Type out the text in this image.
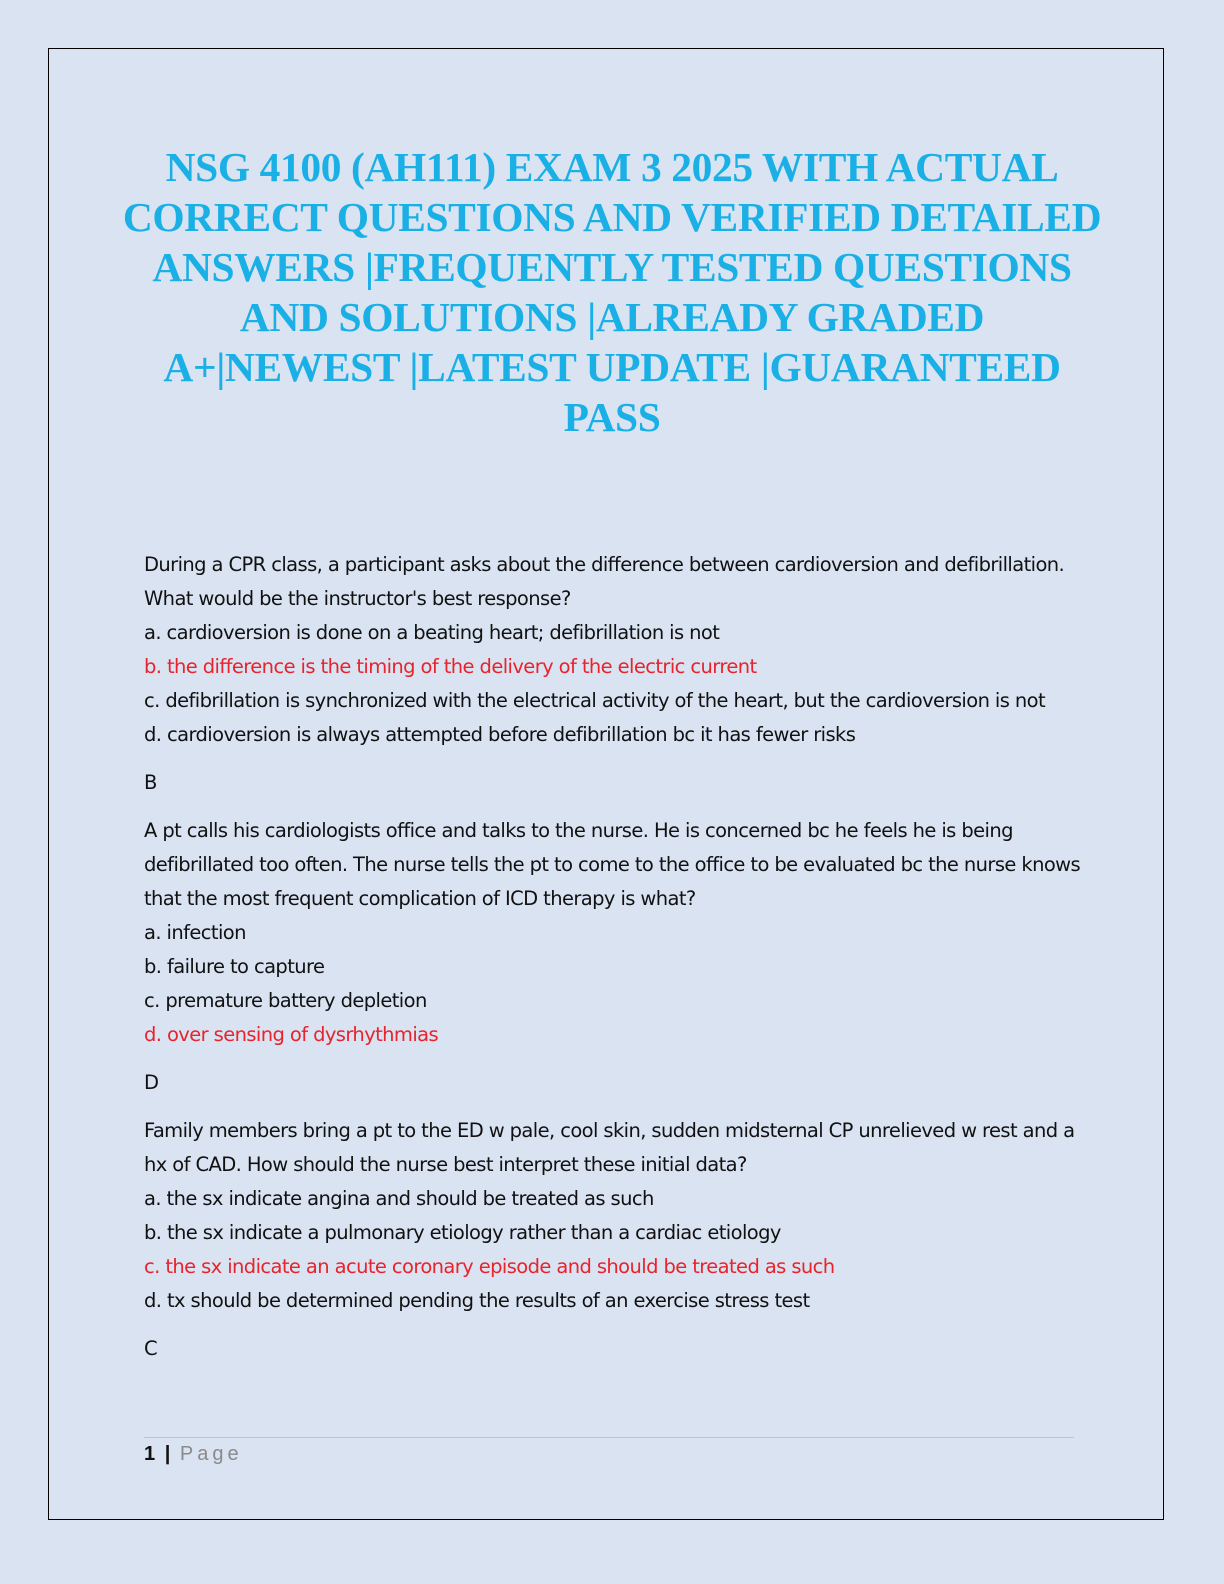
NSG 4100 (AH111) EXAM 3 2025 WITH ACTUAL CORRECT QUESTIONS AND VERIFIED DETAILED ANSWERS |FREQUENTLY TESTED QUESTIONS AND SOLUTIONS |ALREADY GRADED A+|NEWEST |LATEST UPDATE |GUARANTEED PASS
During a CPR class, a participant asks about the difference between cardioversion and defibrillation. What would be the instructor's best response?
a. cardioversion is done on a beating heart; defibrillation is not
b. the difference is the timing of the delivery of the electric current
c. defibrillation is synchronized with the electrical activity of the heart, but the cardioversion is not
d. cardioversion is always attempted before defibrillation bc it has fewer risks
B
A pt calls his cardiologists office and talks to the nurse. He is concerned bc he feels he is being defibrillated too often. The nurse tells the pt to come to the office to be evaluated bc the nurse knows that the most frequent complication of ICD therapy is what?
a. infection
b. failure to capture
c. premature battery depletion
d. over sensing of dysrhythmias
D
Family members bring a pt to the ED w pale, cool skin, sudden midsternal CP unrelieved w rest and a hx of CAD. How should the nurse best interpret these initial data?
a. the sx indicate angina and should be treated as such
b. the sx indicate a pulmonary etiology rather than a cardiac etiology
c. the sx indicate an acute coronary episode and should be treated as such
d. tx should be determined pending the results of an exercise stress test
C
1 | Page
